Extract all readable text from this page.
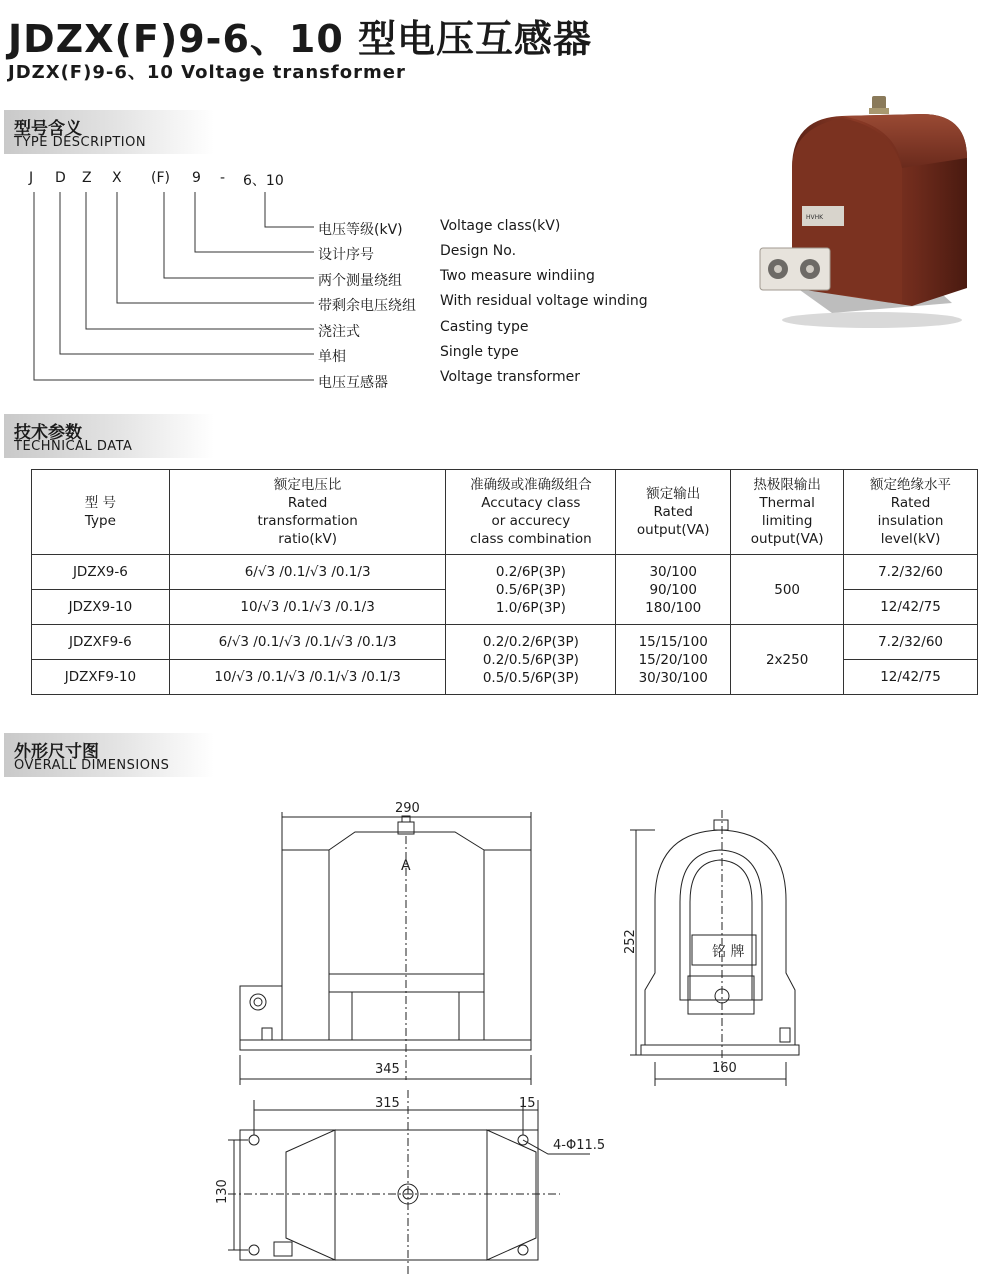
JDZX(F)9-6、10 型电压互感器
JDZX(F)9-6、10 Voltage transformer
型号含义
TYPE DESCRIPTION
J D Z X (F) 9 - 6、10
电压等级(kV)	Voltage class(kV)
设计序号	Design No.
两个测量绕组	Two measure windiing
带剩余电压绕组 With residual voltage winding
浇注式	Casting type
单相	Single type
电压互感器	Voltage transformer
HVHK
技术参数
TECHNICAL DATA
型 号
Type	额定电压比
Rated
transformation
ratio(kV)	准确级或准确级组合
Accutacy class
or accurecy
class combination	额定输出
Rated
output(VA)	热极限输出
Thermal
limiting
output(VA)	额定绝缘水平
Rated
insulation
level(kV)
JDZX9-6	6/√3 /0.1/√3 /0.1/3	0.2/6P(3P)
0.5/6P(3P)
1.0/6P(3P)	30/100
90/100
180/100	500	7.2/32/60
JDZX9-10	10/√3 /0.1/√3 /0.1/3				12/42/75
JDZXF9-6	6/√3 /0.1/√3 /0.1/√3 /0.1/3	0.2/0.2/6P(3P)
0.2/0.5/6P(3P)
0.5/0.5/6P(3P)	15/15/100
15/20/100
30/30/100	2x250	7.2/32/60
JDZXF9-10	10/√3 /0.1/√3 /0.1/√3 /0.1/3				12/42/75
外形尺寸图
OVERALL DIMENSIONS
290
A
345	160
铭 牌
315	15
4-Φ11.5
252
130
